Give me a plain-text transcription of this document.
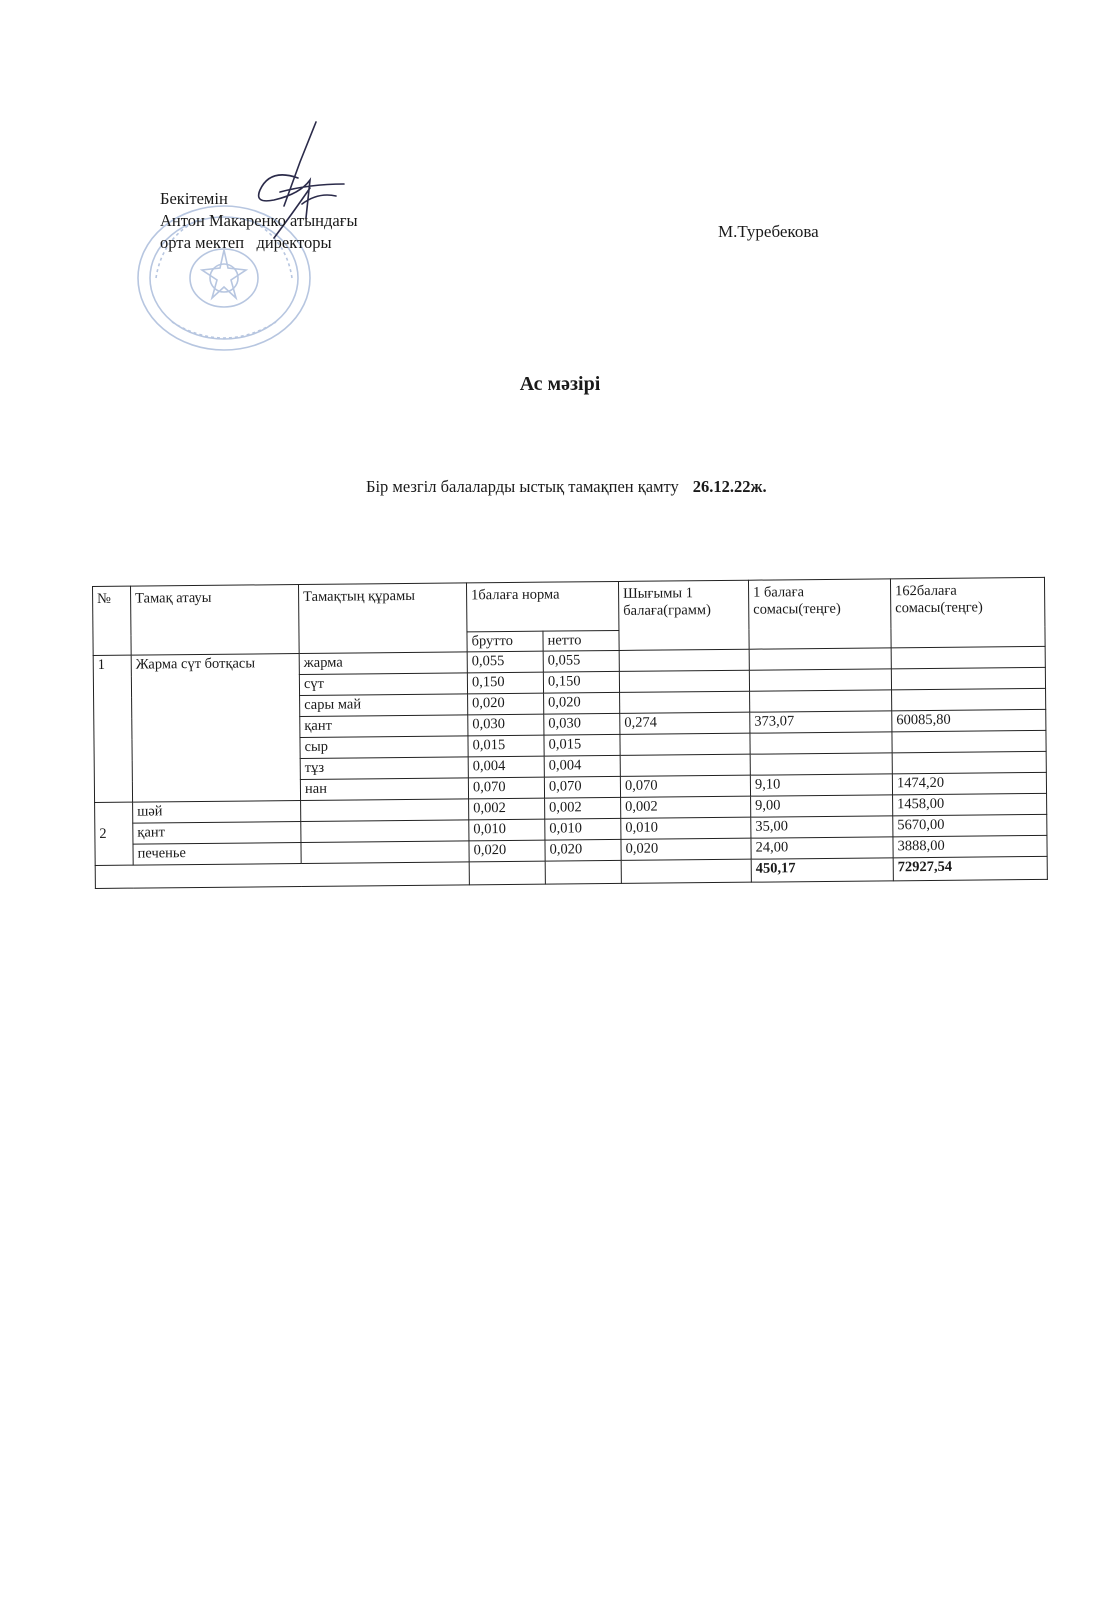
Бекітемін
Антон Макаренко атындағы
орта мектеп   директоры
М.Туребекова
Ас мәзірі
Бір мезгіл балаларды ыстық тамақпен қамту 26.12.22ж.
№	Тамақ атауы	Тамақтың құрамы	1балаға норма		Шығымы 1 балаға(грамм)	1 балаға сомасы(теңге)	162балаға сомасы(теңге)
			брутто	нетто			
1	Жарма сүт ботқасы	жарма	0,055	0,055			
		сүт	0,150	0,150			
		сары май	0,020	0,020			
		қант	0,030	0,030	0,274	373,07	60085,80
		сыр	0,015	0,015			
		тұз	0,004	0,004			
		нан	0,070	0,070	0,070	9,10	1474,20
2	шәй		0,002	0,002	0,002	9,00	1458,00
	қант		0,010	0,010	0,010	35,00	5670,00
	печенье		0,020	0,020	0,020	24,00	3888,00
						450,17	72927,54
